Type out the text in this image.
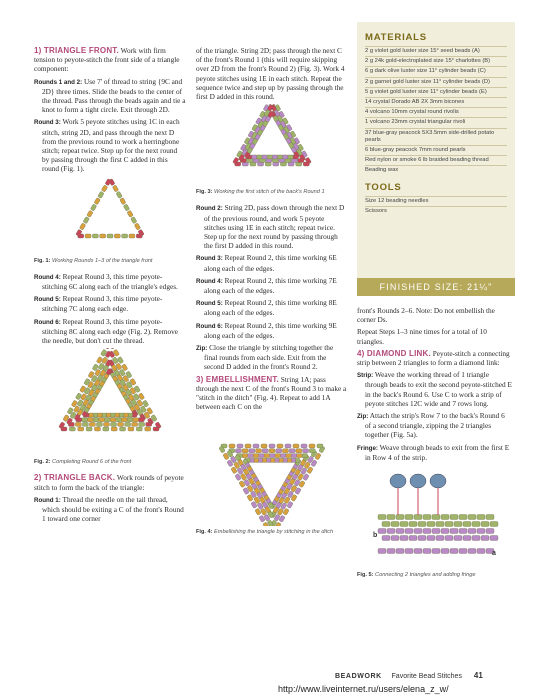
1) TRIANGLE FRONT. Work with firm tension to peyote-stitch the front side of a triangle component:

Rounds 1 and 2: Use 7' of thread to string {9C and 2D} three times. Slide the beads to the center of the thread. Pass through the beads again and tie a knot to form a tight circle. Exit through 2D.

Round 3: Work 5 peyote stitches using 1C in each stitch, string 2D, and pass through the next D from the previous round to work a herringbone stitch; repeat twice. Step up for the next round by passing through the first C added in this round (Fig. 1).

Fig. 1: Working Rounds 1–3 of the triangle front

Round 4: Repeat Round 3, this time peyote-stitching 6C along each of the triangle's edges.

Round 5: Repeat Round 3, this time peyote-stitching 7C along each edge.

Round 6: Repeat Round 3, this time peyote-stitching 8C along each edge (Fig. 2). Remove the needle, but don't cut the thread.

Fig. 2: Completing Round 6 of the front

2) TRIANGLE BACK. Work rounds of peyote stitch to form the back of the triangle:

Round 1: Thread the needle on the tail thread, which should be exiting a C of the front's Round 1 toward one corner

of the triangle. String 2D; pass through the next C of the front's Round 1 (this will require skipping over 2D from the front's Round 2) (Fig. 3). Work 4 peyote stitches using 1E in each stitch. Repeat the sequence twice and step up by passing through the first D added in this round.

Fig. 3: Working the first stitch of the back's Round 1

Round 2: String 2D, pass down through the next D of the previous round, and work 5 peyote stitches using 1E in each stitch; repeat twice. Step up for the next round by passing through the first D added in this round.

Round 3: Repeat Round 2, this time working 6E along each of the edges.

Round 4: Repeat Round 2, this time working 7E along each of the edges.

Round 5: Repeat Round 2, this time working 8E along each of the edges.

Round 6: Repeat Round 2, this time working 9E along each of the edges.

Zip: Close the triangle by stitching together the final rounds from each side. Exit from the second D added in the front's Round 2.

3) EMBELLISHMENT. String 1A; pass through the next C of the front's Round 3 to make a "stitch in the ditch" (Fig. 4). Repeat to add 1A between each C on the

Fig. 4: Embellishing the triangle by stitching in the ditch
MATERIALS
2 g violet gold luster size 15° seed beads (A)
2 g 24k gold-electroplated size 15° charlottes (B)
6 g dark olive luster size 11° cylinder beads (C)
2 g garnet gold luster size 11° cylinder beads (D)
5 g violet gold luster size 11° cylinder beads (E)
14 crystal Dorado AB 2X 3mm bicones
4 volcano 10mm crystal round rivolis
1 volcano 23mm crystal triangular rivoli
37 blue-gray peacock 5X3.5mm side-drilled potato pearls
6 blue-gray peacock 7mm round pearls
Red nylon or smoke 6 lb braided beading thread
Beading wax
TOOLS
Size 12 beading needles
Scissors
FINISHED SIZE: 21¼"

front's Rounds 2–6. Note: Do not embellish the corner Ds.

Repeat Steps 1–3 nine times for a total of 10 triangles.

4) DIAMOND LINK. Peyote-stitch a connecting strip between 2 triangles to form a diamond link:

Strip: Weave the working thread of 1 triangle through beads to exit the second peyote-stitched E in the back's Round 6. Use C to work a strip of peyote stitches 12C wide and 7 rows long.

Zip: Attach the strip's Row 7 to the back's Round 6 of a second triangle, zipping the 2 triangles together (Fig. 5a).

Fringe: Weave through beads to exit from the first E in Row 4 of the strip.

b
a
Fig. 5: Connecting 2 triangles and adding fringe
BEADWORK Favorite Bead Stitches 41
http://www.liveinternet.ru/users/elena_z_w/
